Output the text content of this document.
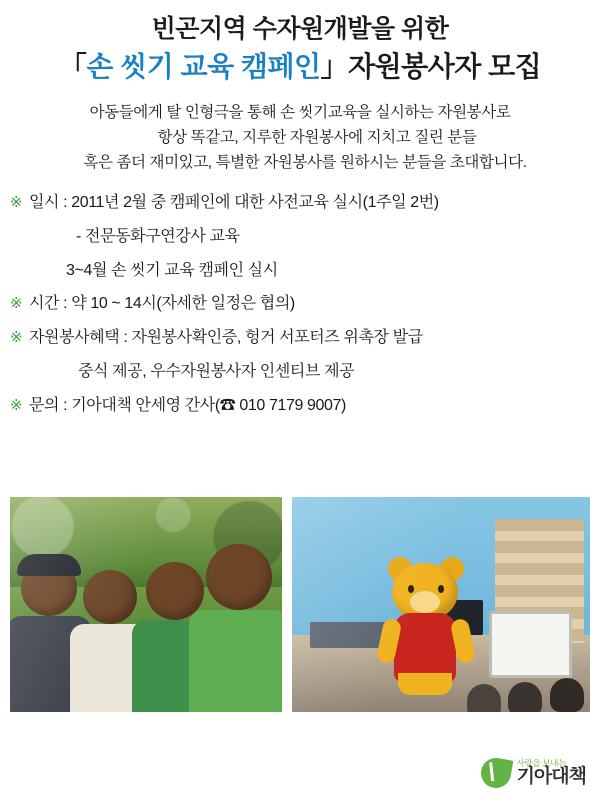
빈곤지역 수자원개발을 위한
「손 씻기 교육 캠페인」자원봉사자 모집
아동들에게 탈 인형극을 통해 손 씻기교육을 실시하는 자원봉사로
항상 똑같고, 지루한 자원봉사에 지치고 질린 분들
혹은 좀더 재미있고, 특별한 자원봉사를 원하시는 분들을 초대합니다.
※ 일시 : 2011년 2월 중 캠페인에 대한 사전교육 실시(1주일 2번)
- 전문동화구연강사 교육
3~4월 손 씻기 교육 캠페인 실시
※ 시간 : 약 10 ~ 14시(자세한 일정은 협의)
※ 자원봉사혜택 : 자원봉사확인증, 헝거 서포터즈 위촉장 발급
중식 제공, 우수자원봉사자 인센티브 제공
※ 문의 : 기아대책 안세영 간사(☎ 010 7179 9007)
사랑을 보내는
기아대책
